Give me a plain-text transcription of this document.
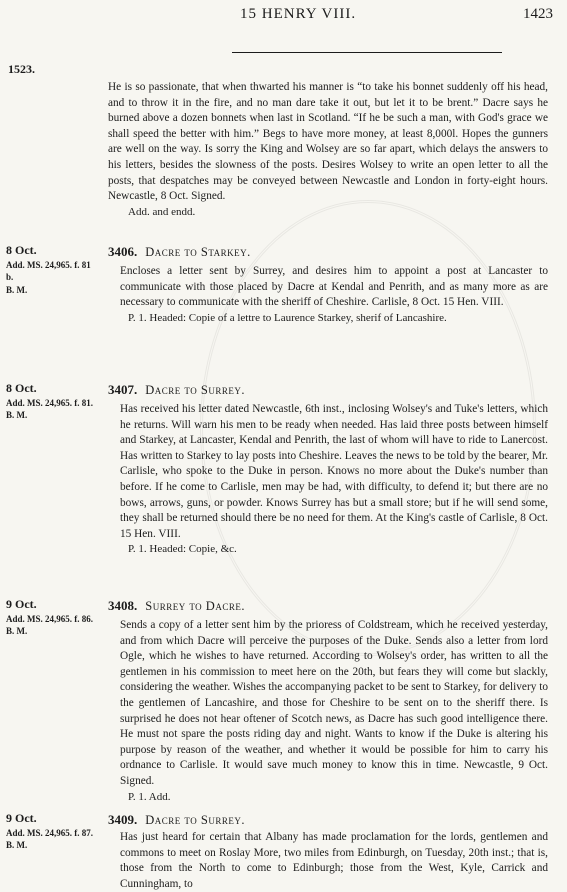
15 HENRY VIII.	1423
1523.

He is so passionate, that when thwarted his manner is “to take his bonnet suddenly off his head, and to throw it in the fire, and no man dare take it out, but let it to be brent.” Dacre says he burned above a dozen bonnets when last in Scotland. “If he be such a man, with God's grace we shall speed the better with him.” Begs to have more money, at least 8,000l. Hopes the gunners are well on the way. Is sorry the King and Wolsey are so far apart, which delays the answers to his letters, besides the slowness of the posts. Desires Wolsey to write an open letter to all the posts, that despatches may be conveyed between Newcastle and London in forty-eight hours. Newcastle, 8 Oct. Signed.

Add. and endd.

8 Oct.
Add. MS. 24,965. f. 81 b.
B. M.
3406. Dacre to Starkey.

Encloses a letter sent by Surrey, and desires him to appoint a post at Lancaster to communicate with those placed by Dacre at Kendal and Penrith, and as many more as are necessary to communicate with the sheriff of Cheshire. Carlisle, 8 Oct. 15 Hen. VIII.

P. 1. Headed: Copie of a lettre to Laurence Starkey, sherif of Lancashire.

8 Oct.
Add. MS. 24,965. f. 81.
B. M.
3407. Dacre to Surrey.

Has received his letter dated Newcastle, 6th inst., inclosing Wolsey's and Tuke's letters, which he returns. Will warn his men to be ready when needed. Has laid three posts between himself and Starkey, at Lancaster, Kendal and Penrith, the last of whom will have to ride to Lanercost. Has written to Starkey to lay posts into Cheshire. Leaves the news to be told by the bearer, Mr. Carlisle, who spoke to the Duke in person. Knows no more about the Duke's number than before. If he come to Carlisle, men may be had, with difficulty, to defend it; but there are no bows, arrows, guns, or powder. Knows Surrey has but a small store; but if he will send some, they shall be returned should there be no need for them. At the King's castle of Carlisle, 8 Oct. 15 Hen. VIII.

P. 1. Headed: Copie, &c.

9 Oct.
Add. MS. 24,965. f. 86.
B. M.
3408. Surrey to Dacre.

Sends a copy of a letter sent him by the prioress of Coldstream, which he received yesterday, and from which Dacre will perceive the purposes of the Duke. Sends also a letter from lord Ogle, which he wishes to have returned. According to Wolsey's order, has written to all the gentlemen in his commission to meet here on the 20th, but fears they will come but slackly, considering the weather. Wishes the accompanying packet to be sent to Starkey, for delivery to the gentlemen of Lancashire, and those for Cheshire to be sent on to the sheriff there. Is surprised he does not hear oftener of Scotch news, as Dacre has such good intelligence there. He must not spare the posts riding day and night. Wants to know if the Duke is altering his purpose by reason of the weather, and whether it would be possible for him to carry his ordnance to Carlisle. It would save much money to know this in time. Newcastle, 9 Oct. Signed.

P. 1. Add.

9 Oct.
Add. MS. 24,965. f. 87.
B. M.
3409. Dacre to Surrey.

Has just heard for certain that Albany has made proclamation for the lords, gentlemen and commons to meet on Roslay More, two miles from Edinburgh, on Tuesday, 20th inst.; that is, those from the North to come to Edinburgh; those from the West, Kyle, Carrick and Cunningham, to
